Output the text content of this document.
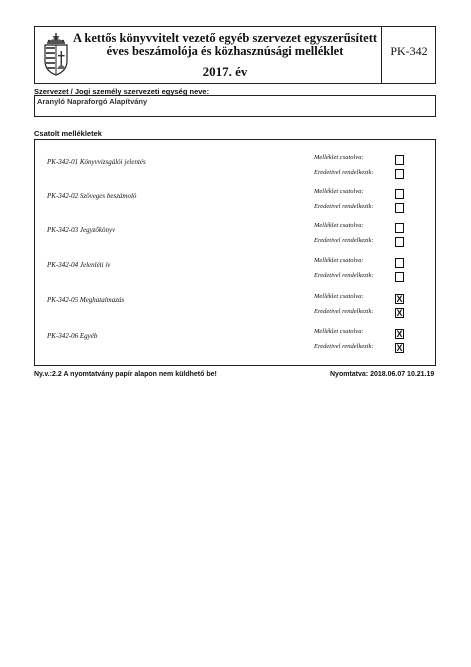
A kettős könyvvitelt vezető egyéb szervezet egyszerűsített
éves beszámolója és közhasznúsági melléklet
2017. év
PK-342
Szervezet / Jogi személy szervezeti egység neve:
Aranyló Napraforgó Alapítvány
Csatolt mellékletek
PK-342-01 Könyvvizsgálói jelentés
Melléklet csatolva:
Eredetivel rendelkezik:
PK-342-02 Szöveges beszámoló
Melléklet csatolva:
Eredetivel rendelkezik:
PK-342-03 Jegyzőkönyv
Melléklet csatolva:
Eredetivel rendelkezik:
PK-342-04 Jelenléti ív
Melléklet csatolva:
Eredetivel rendelkezik:
PK-342-05 Meghatalmazás	Melléklet csatolva:
Eredetivel rendelkezik:
X
X
PK-342-06 Egyéb
Melléklet csatolva:
Eredetivel rendelkezik:
X
X
Ny.v.:2.2 A nyomtatvány papír alapon nem küldhető be!	Nyomtatva: 2018.06.07 10.21.19
